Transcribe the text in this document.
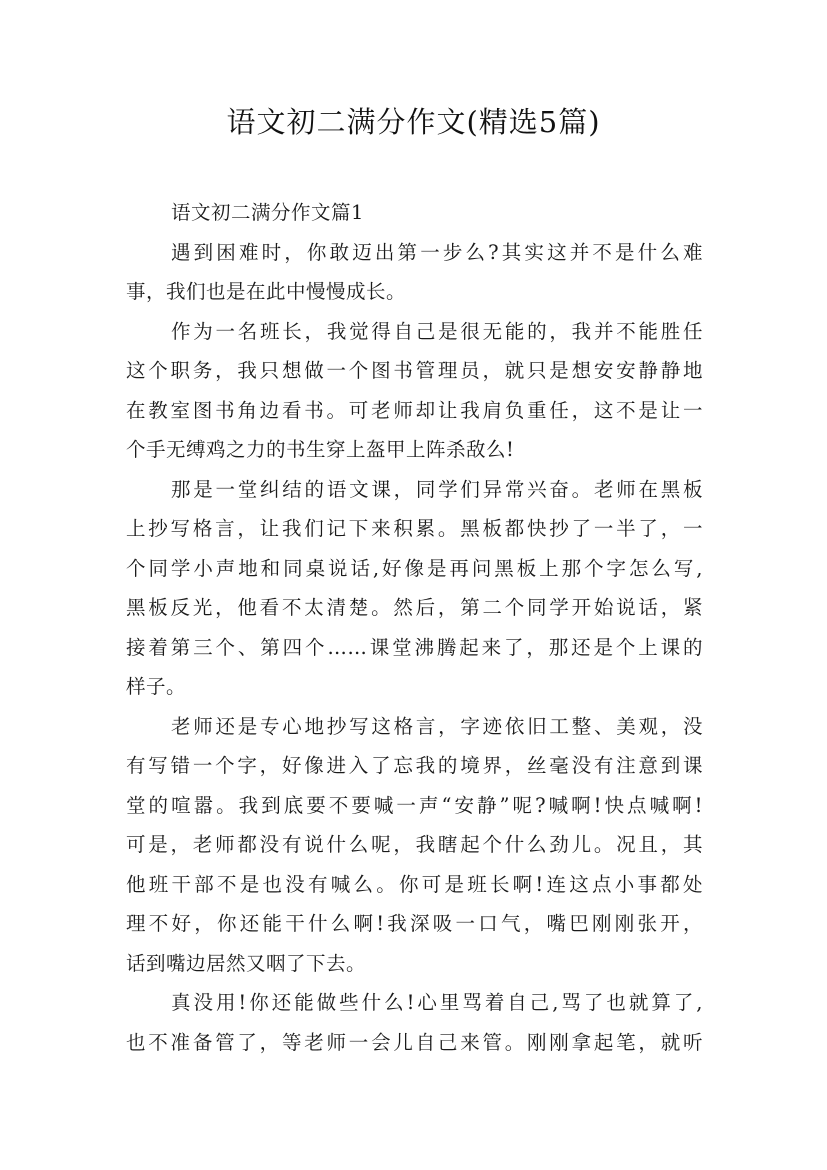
语文初二满分作文(精选5篇)
语文初二满分作文篇1
遇到困难时，你敢迈出第一步么?其实这并不是什么难
事，我们也是在此中慢慢成长。
作为一名班长，我觉得自己是很无能的，我并不能胜任
这个职务，我只想做一个图书管理员，就只是想安安静静地
在教室图书角边看书。可老师却让我肩负重任，这不是让一
个手无缚鸡之力的书生穿上盔甲上阵杀敌么!
那是一堂纠结的语文课，同学们异常兴奋。老师在黑板
上抄写格言，让我们记下来积累。黑板都快抄了一半了，一
个同学小声地和同桌说话,好像是再问黑板上那个字怎么写,
黑板反光，他看不太清楚。然后，第二个同学开始说话，紧
接着第三个、第四个……课堂沸腾起来了，那还是个上课的
样子。
老师还是专心地抄写这格言，字迹依旧工整、美观，没
有写错一个字，好像进入了忘我的境界，丝毫没有注意到课
堂的喧嚣。我到底要不要喊一声“安静”呢?喊啊!快点喊啊!
可是，老师都没有说什么呢，我瞎起个什么劲儿。况且，其
他班干部不是也没有喊么。你可是班长啊!连这点小事都处
理不好，你还能干什么啊!我深吸一口气，嘴巴刚刚张开，
话到嘴边居然又咽了下去。
真没用!你还能做些什么!心里骂着自己,骂了也就算了,
也不准备管了，等老师一会儿自己来管。刚刚拿起笔，就听
